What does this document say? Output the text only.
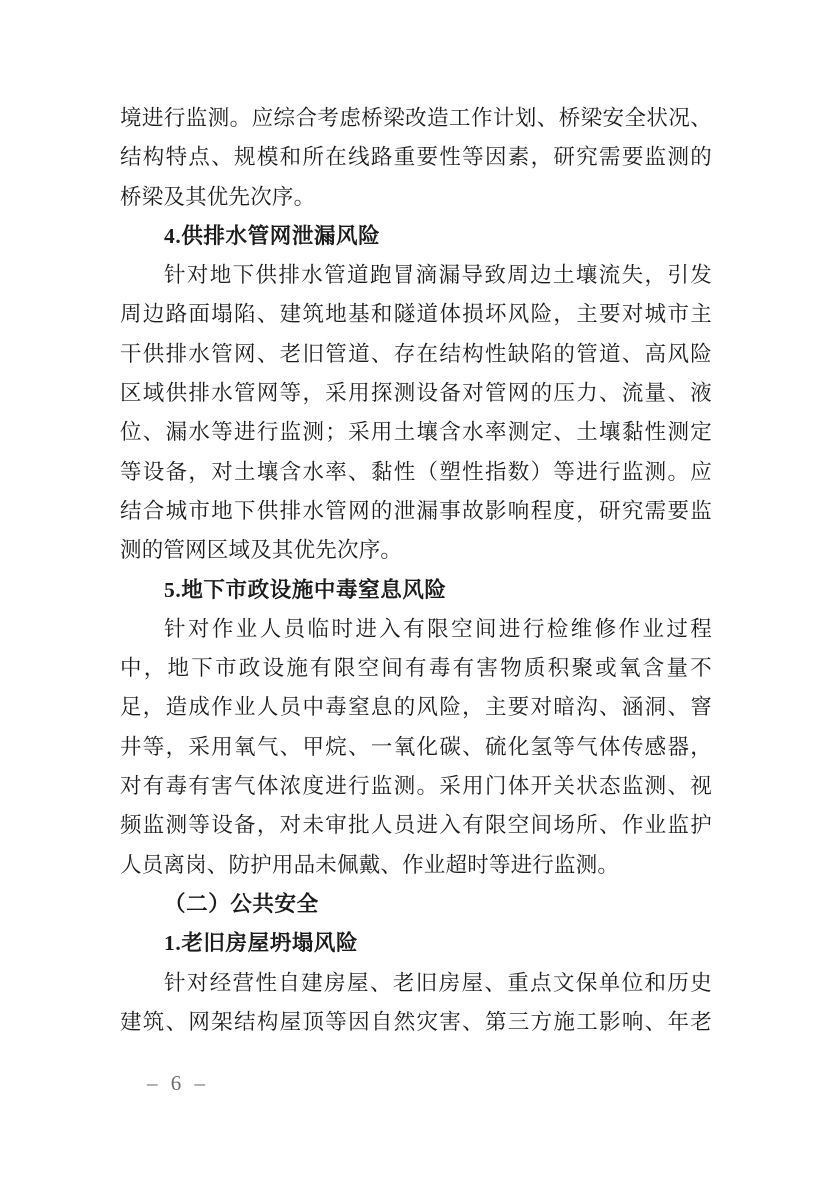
境进行监测。应综合考虑桥梁改造工作计划、桥梁安全状况、
结构特点、规模和所在线路重要性等因素，研究需要监测的
桥梁及其优先次序。
4.供排水管网泄漏风险
针对地下供排水管道跑冒滴漏导致周边土壤流失，引发
周边路面塌陷、建筑地基和隧道体损坏风险，主要对城市主
干供排水管网、老旧管道、存在结构性缺陷的管道、高风险
区域供排水管网等，采用探测设备对管网的压力、流量、液
位、漏水等进行监测；采用土壤含水率测定、土壤黏性测定
等设备，对土壤含水率、黏性（塑性指数）等进行监测。应
结合城市地下供排水管网的泄漏事故影响程度，研究需要监
测的管网区域及其优先次序。
5.地下市政设施中毒窒息风险
针对作业人员临时进入有限空间进行检维修作业过程
中，地下市政设施有限空间有毒有害物质积聚或氧含量不
足，造成作业人员中毒窒息的风险，主要对暗沟、涵洞、窨
井等，采用氧气、甲烷、一氧化碳、硫化氢等气体传感器，
对有毒有害气体浓度进行监测。采用门体开关状态监测、视
频监测等设备，对未审批人员进入有限空间场所、作业监护
人员离岗、防护用品未佩戴、作业超时等进行监测。
（二）公共安全
1.老旧房屋坍塌风险
针对经营性自建房屋、老旧房屋、重点文保单位和历史
建筑、网架结构屋顶等因自然灾害、第三方施工影响、年老
– 6 –
